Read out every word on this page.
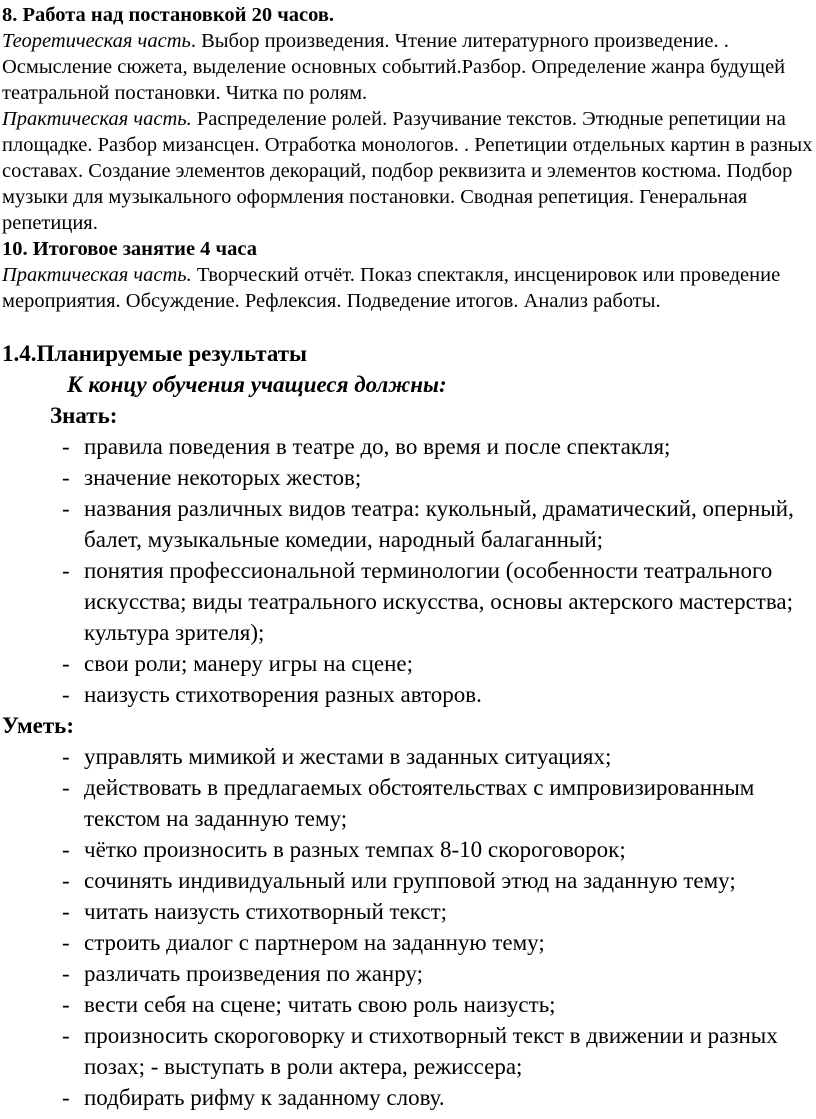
8. Работа над постановкой 20 часов.

Теоретическая часть. Выбор произведения. Чтение литературного произведение. . Осмысление сюжета, выделение основных событий.Разбор. Определение жанра будущей театральной постановки. Читка по ролям.

Практическая часть. Распределение ролей. Разучивание текстов. Этюдные репетиции на площадке. Разбор мизансцен. Отработка монологов. . Репетиции отдельных картин в разных составах. Создание элементов декораций, подбор реквизита и элементов костюма. Подбор музыки для музыкального оформления постановки. Сводная репетиция. Генеральная репетиция.

10. Итоговое занятие 4 часа

Практическая часть. Творческий отчёт. Показ спектакля, инсценировок или проведение мероприятия. Обсуждение. Рефлексия. Подведение итогов. Анализ работы.

1.4.Планируемые результаты

К концу обучения учащиеся должны:

Знать:

- правила поведения в театре до, во время и после спектакля;
- значение некоторых жестов;
- названия различных видов театра: кукольный, драматический, оперный, балет, музыкальные комедии, народный балаганный;
- понятия профессиональной терминологии (особенности театрального искусства; виды театрального искусства, основы актерского мастерства; культура зрителя);
- свои роли; манеру игры на сцене;
- наизусть стихотворения разных авторов.

Уметь:

- управлять мимикой и жестами в заданных ситуациях;
- действовать в предлагаемых обстоятельствах с импровизированным текстом на заданную тему;
- чётко произносить в разных темпах 8-10 скороговорок;
- сочинять индивидуальный или групповой этюд на заданную тему;
- читать наизусть стихотворный текст;
- строить диалог с партнером на заданную тему;
- различать произведения по жанру;
- вести себя на сцене; читать свою роль наизусть;
- произносить скороговорку и стихотворный текст в движении и разных позах; - выступать в роли актера, режиссера;
- подбирать рифму к заданному слову.
